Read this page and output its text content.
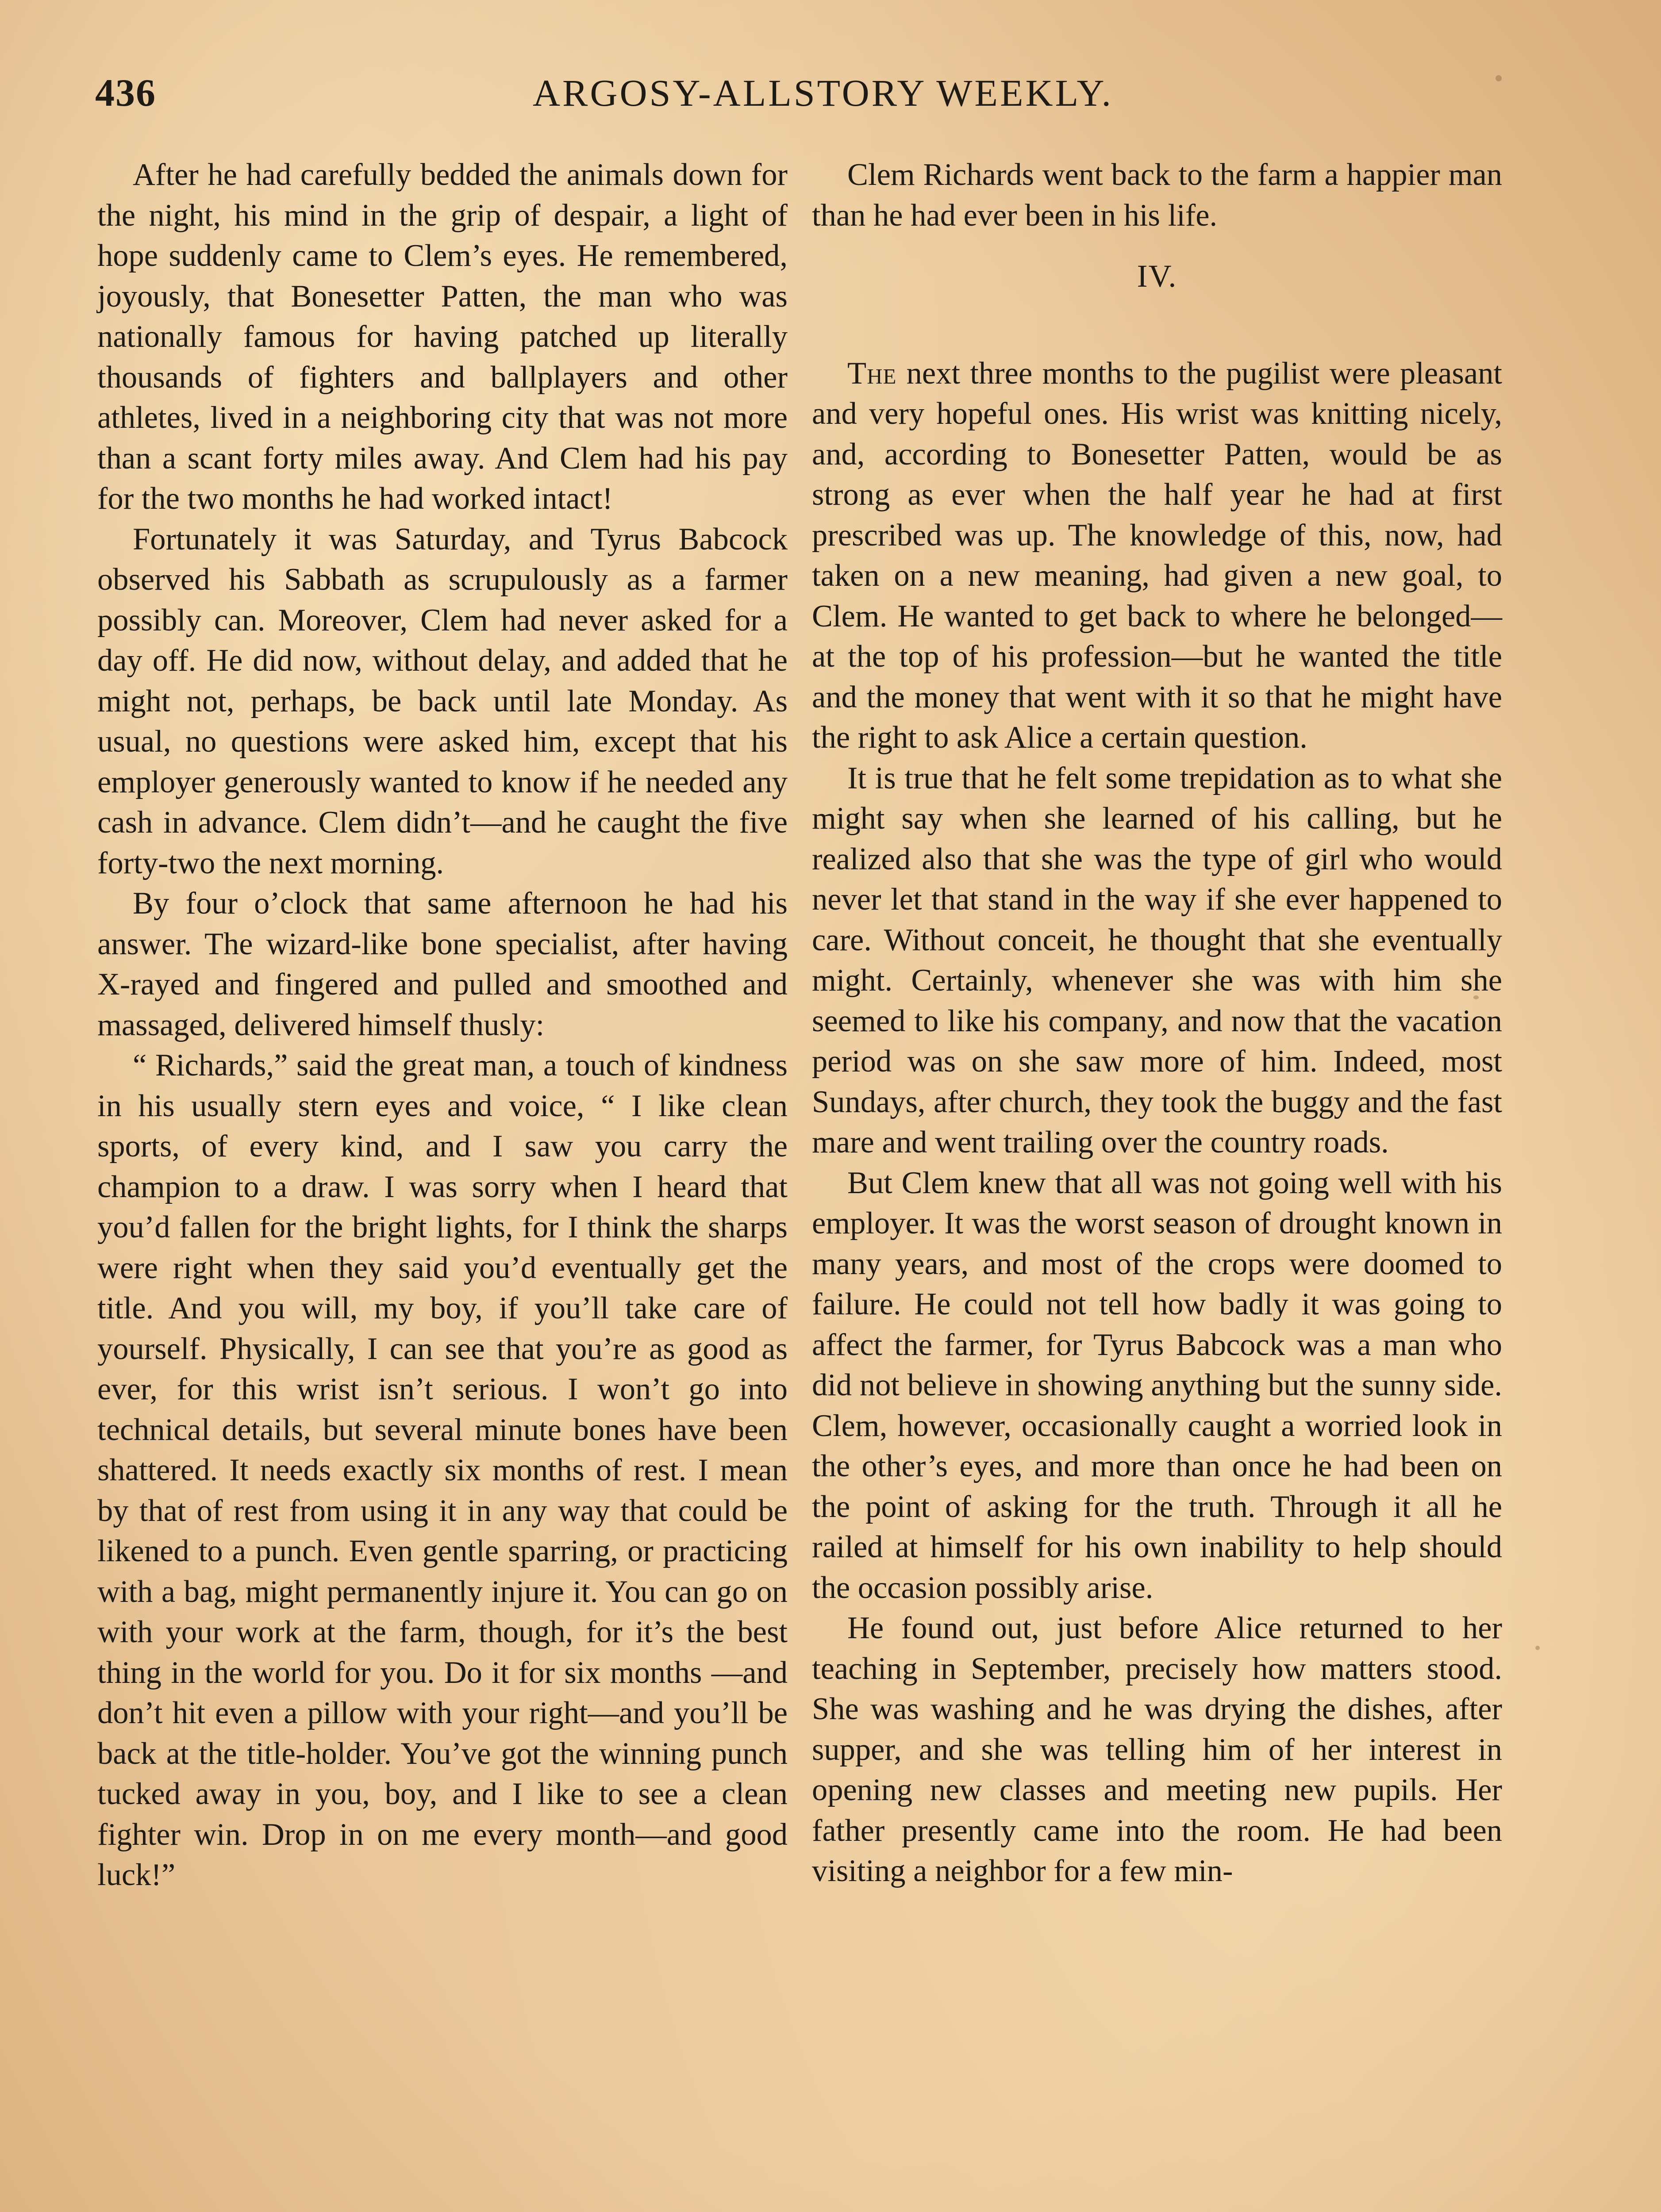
436	ARGOSY-ALLSTORY WEEKLY.

After he had carefully bedded the animals down for the night, his mind in the grip of despair, a light of hope suddenly came to Clem’s eyes. He remembered, joyously, that Bonesetter Patten, the man who was nationally famous for having patched up literally thousands of fighters and ballplayers and other athletes, lived in a neighboring city that was not more than a scant forty miles away. And Clem had his pay for the two months he had worked intact!

Fortunately it was Saturday, and Tyrus Babcock observed his Sabbath as scrupulously as a farmer possibly can. Moreover, Clem had never asked for a day off. He did now, without delay, and added that he might not, perhaps, be back until late Monday. As usual, no questions were asked him, except that his employer generously wanted to know if he needed any cash in advance. Clem didn’t—and he caught the five forty-two the next morning.

By four o’clock that same afternoon he had his answer. The wizard-like bone specialist, after having X-rayed and fingered and pulled and smoothed and massaged, delivered himself thusly:

“ Richards,” said the great man, a touch of kindness in his usually stern eyes and voice, “ I like clean sports, of every kind, and I saw you carry the champion to a draw. I was sorry when I heard that you’d fallen for the bright lights, for I think the sharps were right when they said you’d eventually get the title. And you will, my boy, if you’ll take care of yourself. Physically, I can see that you’re as good as ever, for this wrist isn’t serious. I won’t go into technical details, but several minute bones have been shattered. It needs exactly six months of rest. I mean by that of rest from using it in any way that could be likened to a punch. Even gentle sparring, or practicing with a bag, might permanently injure it. You can go on with your work at the farm, though, for it’s the best thing in the world for you. Do it for six months —and don’t hit even a pillow with your right—and you’ll be back at the title-holder. You’ve got the winning punch tucked away in you, boy, and I like to see a clean fighter win. Drop in on me every month—and good luck!”

Clem Richards went back to the farm a happier man than he had ever been in his life.

IV.

The next three months to the pugilist were pleasant and very hopeful ones. His wrist was knitting nicely, and, according to Bonesetter Patten, would be as strong as ever when the half year he had at first prescribed was up. The knowledge of this, now, had taken on a new meaning, had given a new goal, to Clem. He wanted to get back to where he belonged—at the top of his profession—but he wanted the title and the money that went with it so that he might have the right to ask Alice a certain question.

It is true that he felt some trepidation as to what she might say when she learned of his calling, but he realized also that she was the type of girl who would never let that stand in the way if she ever happened to care. Without conceit, he thought that she eventually might. Certainly, whenever she was with him she seemed to like his company, and now that the vacation period was on she saw more of him. Indeed, most Sundays, after church, they took the buggy and the fast mare and went trailing over the country roads.

But Clem knew that all was not going well with his employer. It was the worst season of drought known in many years, and most of the crops were doomed to failure. He could not tell how badly it was going to affect the farmer, for Tyrus Babcock was a man who did not believe in showing anything but the sunny side. Clem, however, occasionally caught a worried look in the other’s eyes, and more than once he had been on the point of asking for the truth. Through it all he railed at himself for his own inability to help should the occasion possibly arise.

He found out, just before Alice returned to her teaching in September, precisely how matters stood. She was washing and he was drying the dishes, after supper, and she was telling him of her interest in opening new classes and meeting new pupils. Her father presently came into the room. He had been visiting a neighbor for a few min-
